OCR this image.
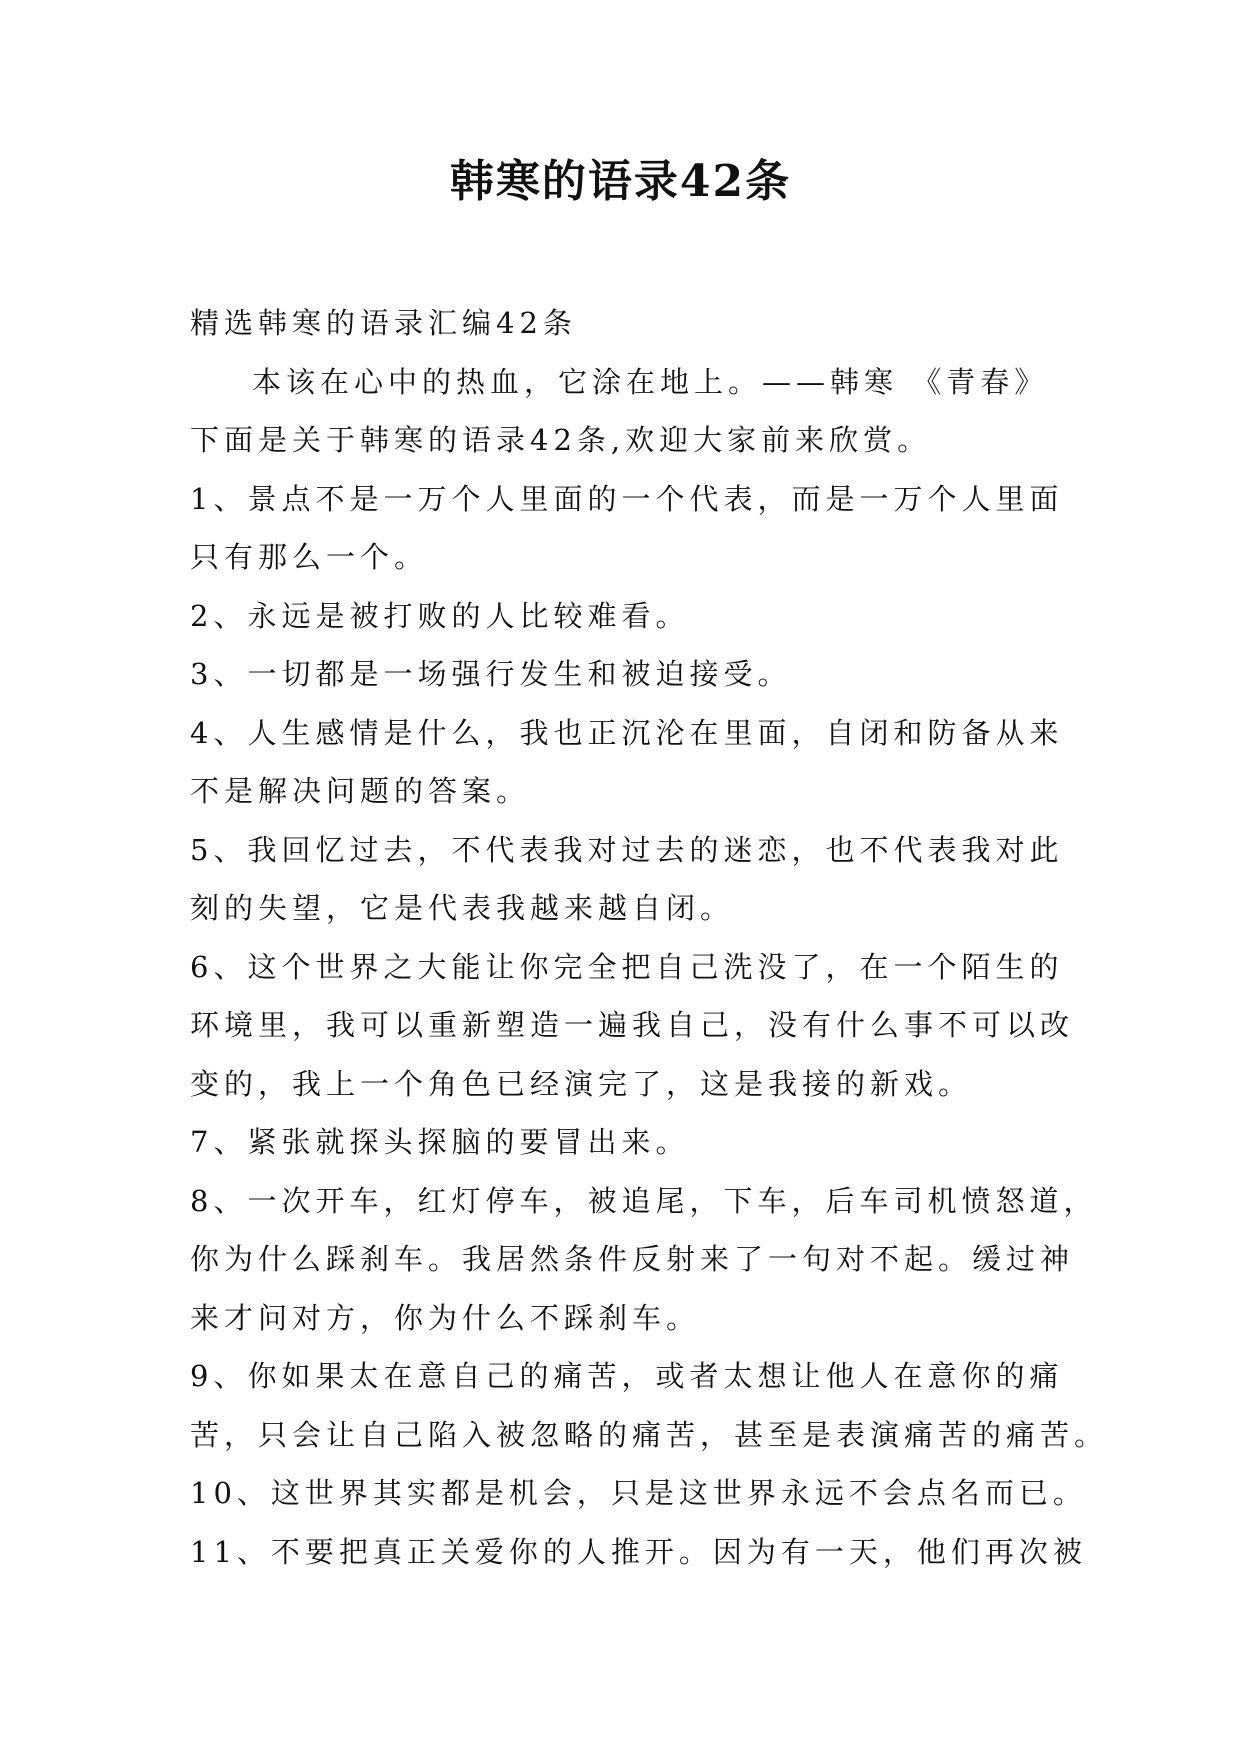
韩寒的语录42条
精选韩寒的语录汇编42条
本该在心中的热血，它涂在地上。——韩寒 《青春》
下面是关于韩寒的语录42条,欢迎大家前来欣赏。
1、景点不是一万个人里面的一个代表，而是一万个人里面
只有那么一个。
2、永远是被打败的人比较难看。
3、一切都是一场强行发生和被迫接受。
4、人生感情是什么，我也正沉沦在里面，自闭和防备从来
不是解决问题的答案。
5、我回忆过去，不代表我对过去的迷恋，也不代表我对此
刻的失望，它是代表我越来越自闭。
6、这个世界之大能让你完全把自己洗没了，在一个陌生的
环境里，我可以重新塑造一遍我自己，没有什么事不可以改
变的，我上一个角色已经演完了，这是我接的新戏。
7、紧张就探头探脑的要冒出来。
8、一次开车，红灯停车，被追尾，下车，后车司机愤怒道，
你为什么踩刹车。我居然条件反射来了一句对不起。缓过神
来才问对方，你为什么不踩刹车。
9、你如果太在意自己的痛苦，或者太想让他人在意你的痛
苦，只会让自己陷入被忽略的痛苦，甚至是表演痛苦的痛苦。
10、这世界其实都是机会，只是这世界永远不会点名而已。
11、不要把真正关爱你的人推开。因为有一天，他们再次被
